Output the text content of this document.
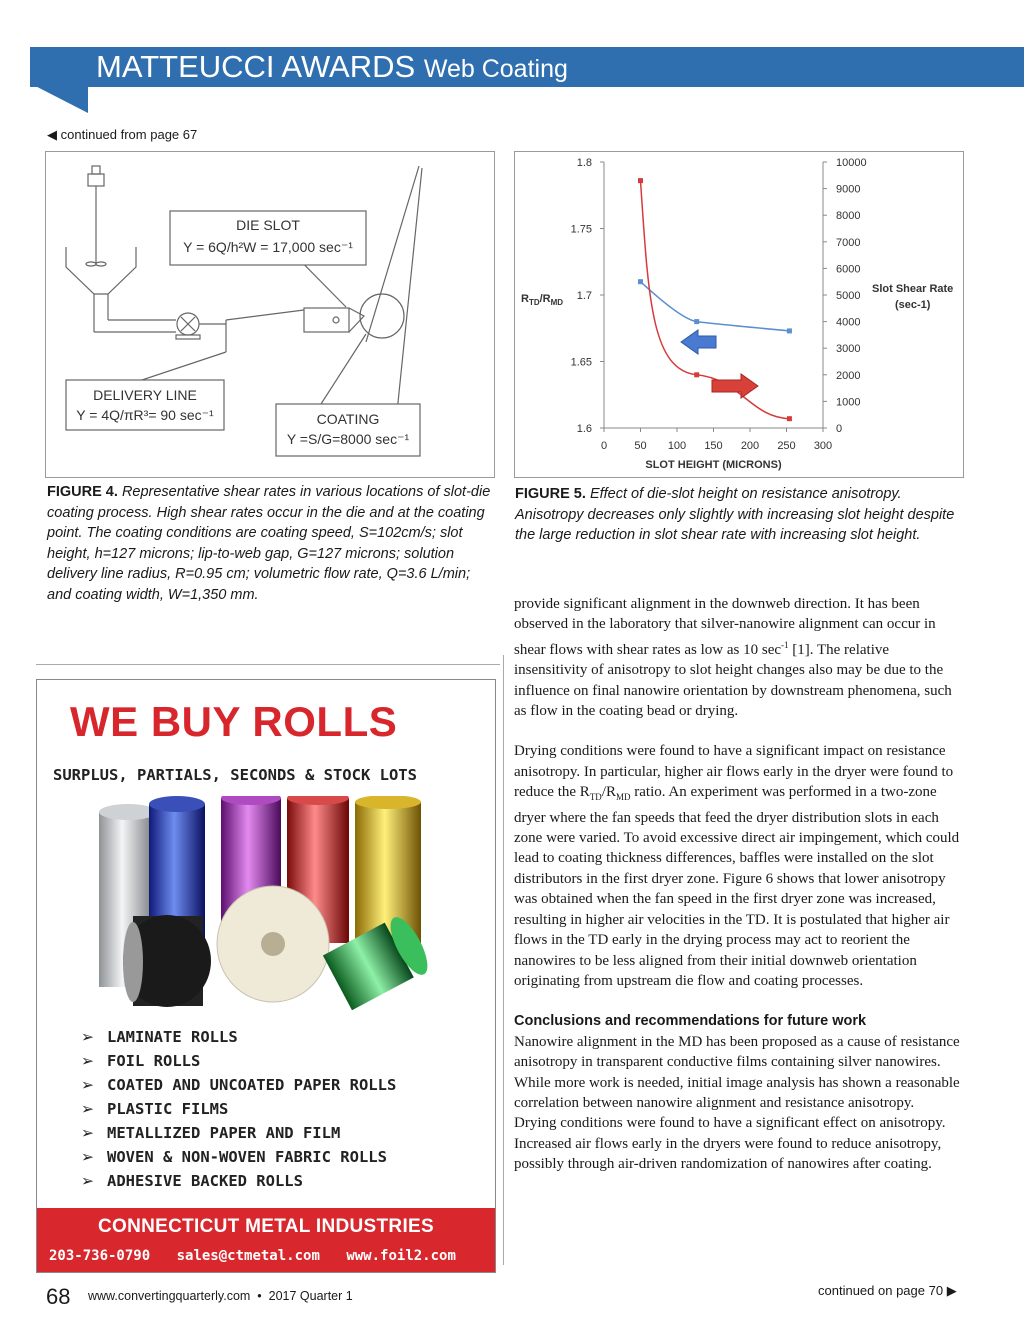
MATTEUCCI AWARDS Web Coating
◀ continued from page 67
DIE SLOT
Υ = 6Q/h²W = 17,000 sec⁻¹
DELIVERY LINE
Υ = 4Q/πR³= 90 sec⁻¹	COATING
Υ =S/G=8000 sec⁻¹
FIGURE 4. Representative shear rates in various locations of slot-die coating process. High shear rates occur in the die and at the coating point. The coating conditions are coating speed, S=102cm/s; slot height, h=127 microns; lip-to-web gap, G=127 microns; solution delivery line radius, R=0.95 cm; volumetric flow rate, Q=3.6 L/min; and coating width, W=1,350 mm.
1.6
1.65
1.7
1.75
1.8
0
1000
2000
3000
4000
5000
6000
7000
8000
9000
10000
0 50 100 150 200 250 300
SLOT HEIGHT (MICRONS)
$R_{TD}/R_{MD}$
Slot Shear Rate
(sec-1)
FIGURE 5. Effect of die-slot height on resistance anisotropy. Anisotropy decreases only slightly with increasing slot height despite the large reduction in slot shear rate with increasing slot height.

provide significant alignment in the downweb direction. It has been observed in the laboratory that silver-nanowire alignment can occur in shear flows with shear rates as low as 10 $\sec^{-1} [1]$. The relative insensitivity of anisotropy to slot height changes also may be due to the influence on final nanowire orientation by downstream phenomena, such as flow in the coating bead or drying.

Drying conditions were found to have a significant impact on resistance anisotropy. In particular, higher air flows early in the dryer were found to reduce the $R_{TD}/R_{MD}$ ratio. An experiment was performed in a two-zone dryer where the fan speeds that feed the dryer distribution slots in each zone were varied. To avoid excessive direct air impingement, which could lead to coating thickness differences, baffles were installed on the slot distributors in the first dryer zone. Figure 6 shows that lower anisotropy was obtained when the fan speed in the first dryer zone was increased, resulting in higher air velocities in the TD. It is postulated that higher air flows in the TD early in the drying process may act to reorient the nanowires to be less aligned from their initial downweb orientation originating from upstream die flow and coating processes.

Conclusions and recommendations for future work

Nanowire alignment in the MD has been proposed as a cause of resistance anisotropy in transparent conductive films containing silver nanowires. While more work is needed, initial image analysis has shown a reasonable correlation between nanowire alignment and resistance anisotropy. Drying conditions were found to have a significant effect on anisotropy. Increased air flows early in the dryers were found to reduce anisotropy, possibly through air-driven randomization of nanowires after coating.

WE BUY ROLLS
SURPLUS, PARTIALS, SECONDS & STOCK LOTS
➢ LAMINATE ROLLS
➢ FOIL ROLLS
➢ COATED AND UNCOATED PAPER ROLLS
➢ PLASTIC FILMS
➢ METALLIZED PAPER AND FILM
➢ WOVEN & NON-WOVEN FABRIC ROLLS
➢ ADHESIVE BACKED ROLLS
CONNECTICUT METAL INDUSTRIES
203-736-0790 sales@ctmetal.com www.foil2.com
68 www.convertingquarterly.com  •  2017 Quarter 1	continued on page 70 ▶
